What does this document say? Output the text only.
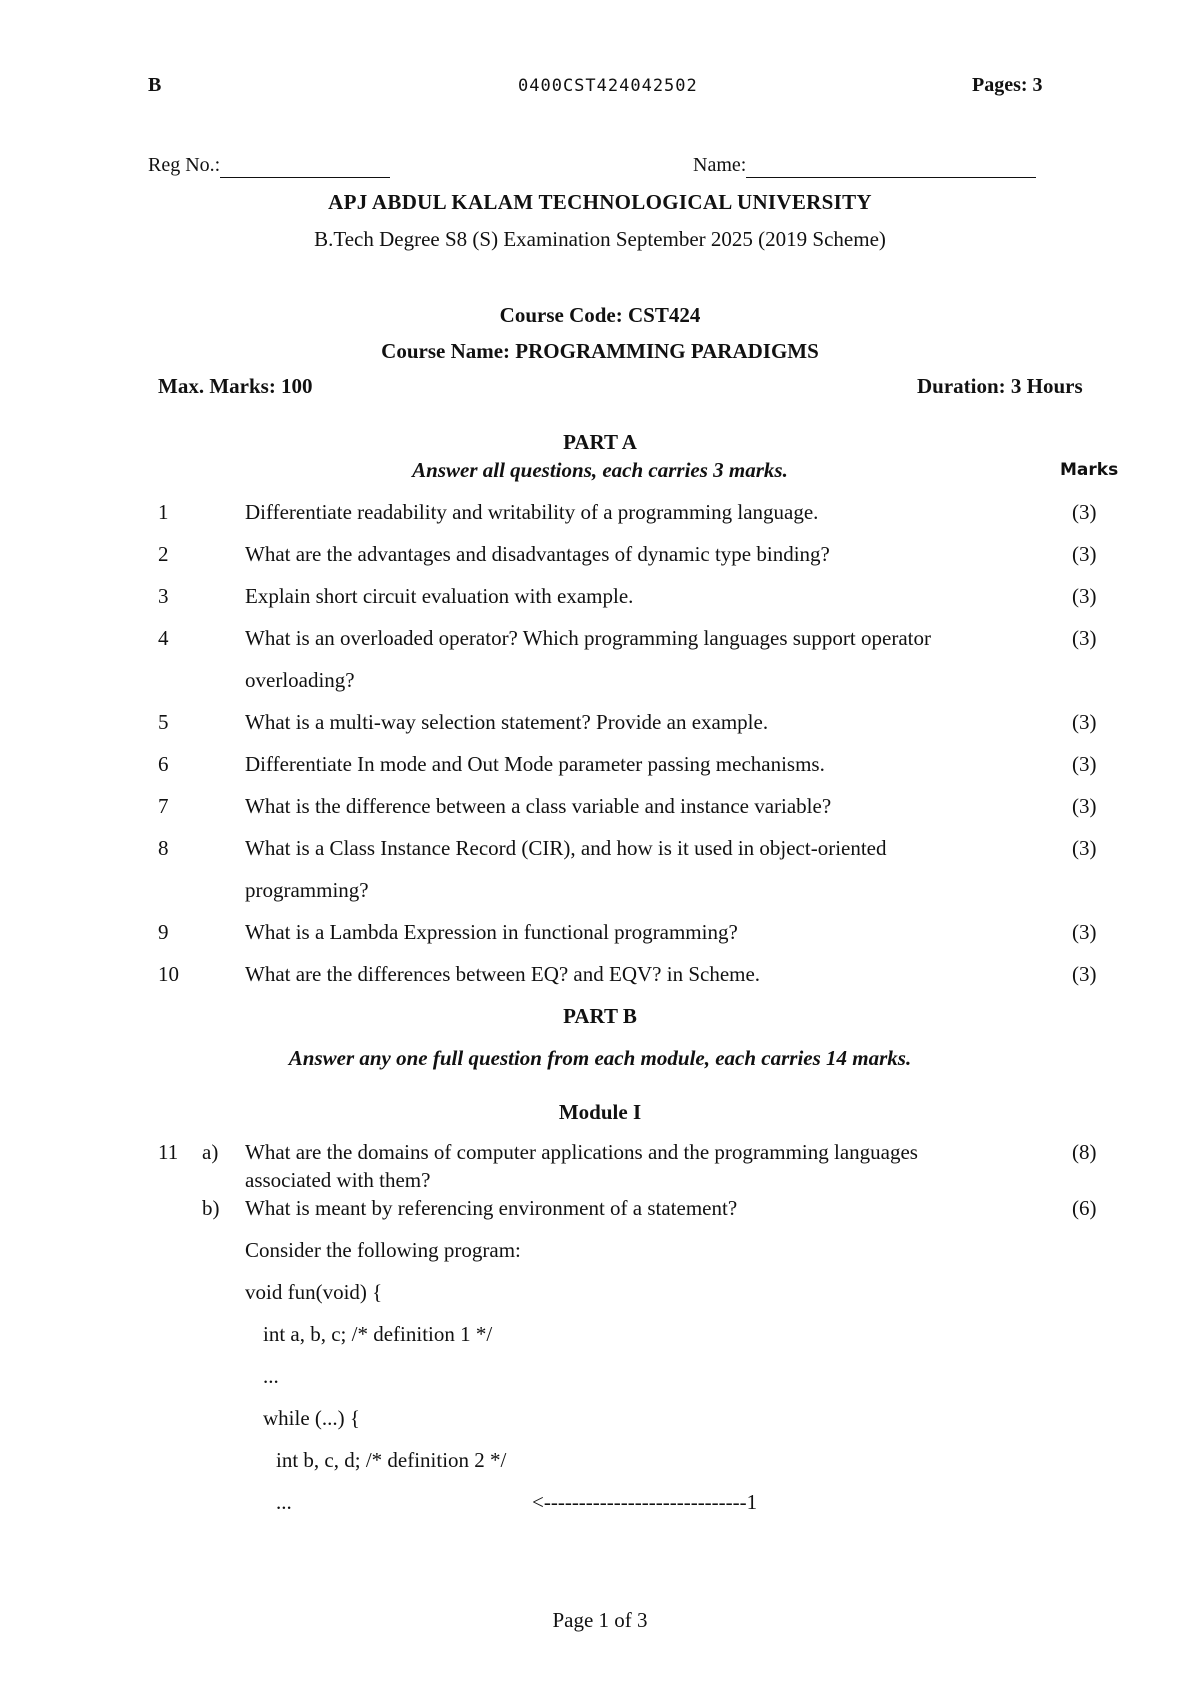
B	0400CST424042502	Pages: 3
Reg No.:	Name:
APJ ABDUL KALAM TECHNOLOGICAL UNIVERSITY
B.Tech Degree S8 (S) Examination September 2025 (2019 Scheme)
Course Code: CST424
Course Name: PROGRAMMING PARADIGMS
Max. Marks: 100	Duration: 3 Hours
PART A
Answer all questions, each carries 3 marks.	Marks
1	Differentiate readability and writability of a programming language.	(3)
2	What are the advantages and disadvantages of dynamic type binding?	(3)
3	Explain short circuit evaluation with example.	(3)
4	What is an overloaded operator? Which programming languages support operator	(3)
overloading?
5	What is a multi-way selection statement? Provide an example.	(3)
6	Differentiate In mode and Out Mode parameter passing mechanisms.	(3)
7	What is the difference between a class variable and instance variable?	(3)
8	What is a Class Instance Record (CIR), and how is it used in object-oriented	(3)
programming?
9	What is a Lambda Expression in functional programming?	(3)
10	What are the differences between EQ? and EQV? in Scheme.	(3)
PART B
Answer any one full question from each module, each carries 14 marks.
Module I
11 a) What are the domains of computer applications and the programming languages	(8)
associated with them?
b) What is meant by referencing environment of a statement?	(6)
Consider the following program:
void fun(void) {
int a, b, c; /* definition 1 */
...
while (...) {
int b, c, d; /* definition 2 */
...	<-----------------------------1
Page 1 of 3
